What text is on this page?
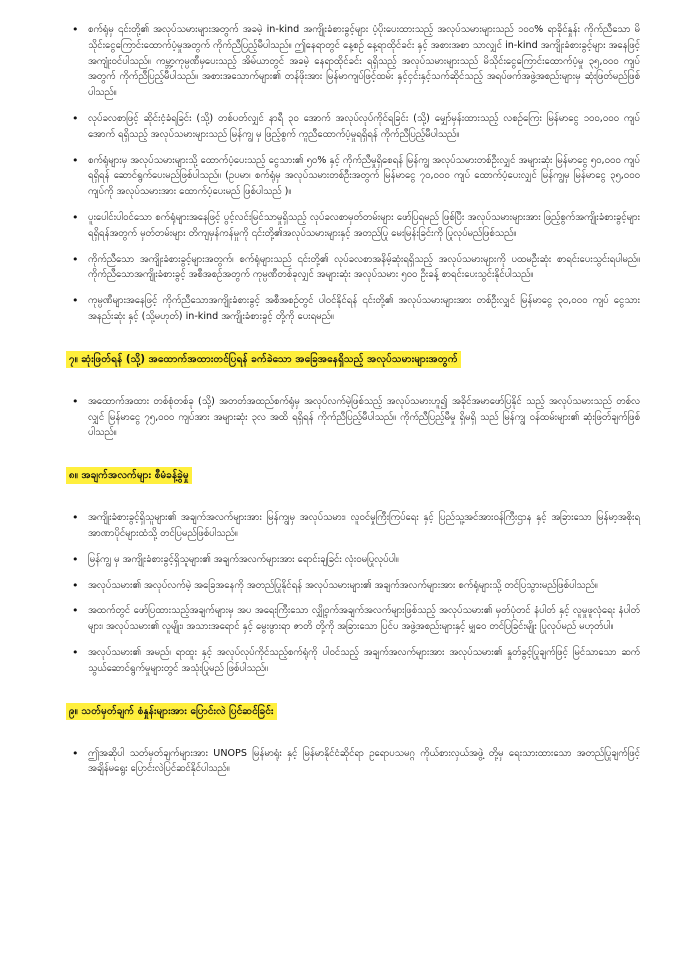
• စက်ရုံမှ ၎င်းတို့၏ အလုပ်သမားများအတွက် အခမဲ့ in-kind အကျိုးခံစားခွင့်များ ပံ့ပိုးပေးထားသည့် အလုပ်သမားများသည် ၁၀၀% ရာခိုင်နှုန်း ကိုက်ညီသော မိသိုင်းငွေကြောင်းထောက်ပံ့မှုအတွက် ကိုက်ညီပြည့်မီပါသည်။ ဤနေရာတွင် နေ့စဉ် နေ့ရာထိုင်ခင်း နှင့် အစားအစာ သာလျှင် in-kind အကျိုးခံစားခွင့်များ အနေဖြင့် အကျုံးဝင်ပါသည်။ ကမ္ဘာ့ကုမ္ပဏီမှပေးသည့် အိမ်ယာတွင် အခမဲ့ နေရာထိုင်ခင်း ရရှိသည့် အလုပ်သမားများသည် မိသိုင်းငွေကြောင်းထောက်ပံ့မှု ၃၅,၀၀၀ ကျပ်အတွက် ကိုက်ညီပြည့်မီပါသည်။ အစားအသောက်များ၏ တန်ဖိုးအား မြန်မာကျပ်ဖြင့်ထမ်း နှင့်ငှင်းနှင့်သက်ဆိုင်သည့် အရပ်ဖက်အဖွဲ့အစည်းများမှ ဆုံးဖြတ်မည်ဖြစ်ပါသည်။
• လုပ်ခလစာဖြင့် ဆိုင်းငံ့ခံရခြင်း (သို့) တစ်ပတ်လျှင် နာရီ ၃၀ အောက် အလုပ်လုပ်ကိုင်ရခြင်း (သို့) မျှော်မှန်းထားသည့် လစဉ်ကြေး မြန်မာငွေ ၁၀၀,၀၀၀ ကျပ် အောက် ရရှိသည့် အလုပ်သမားများသည် မြန်ကျွ မှ ဖြည့်စွက် ကူညီထောက်ပံ့မှုရရှိရန် ကိုက်ညီပြည့်မီပါသည်။
• စက်ရုံများမှ အလုပ်သမားများသို့ ထောက်ပံ့ပေးသည့် ငွေသား၏ ၅၀% နှင့် ကိုက်ညီမှုရှိစေရန် မြန်ကျွ အလုပ်သမားတစ်ဦးလျှင် အများဆုံး မြန်မာငွေ ၅၀,၀၀၀ ကျပ် ရရှိရန် ဆောင်ရွက်ပေးမည်ဖြစ်ပါသည်။ (ဥပမာ၊ စက်ရုံမှ အလုပ်သမားတစ်ဦးအတွက် မြန်မာငွေ ၇၀,၀၀၀ ကျပ် ထောက်ပံ့ပေးလျှင် မြန်ကျွမှ မြန်မာငွေ ၃၅,၀၀၀ ကျပ်ကို အလုပ်သမားအား ထောက်ပံ့ပေးမည် ဖြစ်ပါသည် )။
• ပူးပေါင်းပါဝင်သော စက်ရုံများအနေဖြင့် ပွင့်လင်းမြင်သာမှုရှိသည့် လုပ်ခလစာမှတ်တမ်းများ ဖော်ပြရမည် ဖြစ်ပြီး အလုပ်သမားများအား ဖြည့်စွက်အကျိုးခံစားခွင့်များရရှိရန်အတွက် မှတ်တမ်းများ တိကျမှန်ကန်မှုကို ၎င်းတို့၏အလုပ်သမားများနှင့် အတည်ပြု မေးမြန်းခြင်းကို ပြုလုပ်မည်ဖြစ်သည်။
• ကိုက်ညီသော အကျိုးခံစားခွင့်များအတွက်၊ စက်ရုံများသည် ၎င်းတို့၏ လုပ်ခလစာအနိမ့်ဆုံးရရှိသည့် အလုပ်သမားများကို ပထမဦးဆုံး စာရင်းပေးသွင်းရပါမည်။ ကိုက်ညီသောအကျိုးခံစားခွင့် အစီအစဉ်အတွက် ကုမ္ပဏီတစ်ခုလျှင် အများဆုံး အလုပ်သမား ၅၀၀ ဦးခန့် စာရင်းပေးသွင်းနိုင်ပါသည်။
• ကုမ္ပဏီများအနေဖြင့် ကိုက်ညီသောအကျိုးခံစားခွင့် အစီအစဉ်တွင် ပါဝင်နိုင်ရန် ၎င်းတို့၏ အလုပ်သမားများအား တစ်ဦးလျှင် မြန်မာငွေ ၃၀,၀၀၀ ကျပ် ငွေသား အနည်းဆုံး နှင့် (သို့မဟုတ်) in-kind အကျိုးခံစားခွင့် တို့ကို ပေးရမည်။
၇။ ဆုံးဖြတ်ရန် (သို့) အထောက်အထားတင်ပြရန် ခက်ခဲသော အခြေအနေရှိသည့် အလုပ်သမားများအတွက်
• အထောက်အထား တစ်စုံတစ်ခု (သို့) အတတ်အထည်စက်ရုံမှ အလုပ်လက်မဲ့ဖြစ်သည့် အလုပ်သမားဟူ၍ အခိုင်အမာဖော်ပြနိုင် သည့် အလုပ်သမားသည် တစ်လလျှင် မြန်မာငွေ ၇၅,၀၀၀ ကျပ်အား အများဆုံး ၃လ အထိ ရရှိရန် ကိုက်ညီပြည့်မီပါသည်။ ကိုက်ညီပြည့်မီမှု ရှိမရှိ သည် မြန်ကျွ ဝန်ထမ်းများ၏ ဆုံးဖြတ်ချက်ဖြစ်ပါသည်။
၈။ အချက်အလက်များ စီမံခန့်ခွဲမှု
• အကျိုးခံစားခွင့်ရှိသူများ၏ အချက်အလက်များအား မြန်ကျွမှ အလုပ်သမား၊ လူဝင်မှုကြီးကြပ်ရေး နှင့် ပြည်သူ့အင်အားဝန်ကြီးဌာန နှင့် အခြားသော မြန်မာ့အစိုးရ အာဏာပိုင်များထံသို့ တင်ပြမည်ဖြစ်ပါသည်။
• မြန်ကျွ မှ အကျိုးခံစားခွင့်ရှိသူများ၏ အချက်အလက်များအား ရောင်းချခြင်း လုံးဝမပြုလုပ်ပါ။
• အလုပ်သမား၏ အလုပ်လက်မဲ့ အခြေအနေကို အတည်ပြုနိုင်ရန် အလုပ်သမားများ၏ အချက်အလက်များအား စက်ရုံများသို့ တင်ပြသွားမည်ဖြစ်ပါသည်။
• အထက်တွင် ဖော်ပြထားသည့်အချက်များမှ အပ အရေးကြီးသော လျှို့ဝှက်အချက်အလက်များဖြစ်သည့် အလုပ်သမား၏ မှတ်ပုံတင် နံပါတ် နှင့် လူမှုဖူလုံရေး နံပါတ်များ၊ အလုပ်သမား၏ လူမျိုး၊ အသားအရောင် နှင့် မွေးဖွားရာ ဇာတိ တို့ကို အခြားသော ပြင်ပ အဖွဲ့အစည်းများနှင့် မျှဝေ တင်ပြခြင်းမျိုး ပြုလုပ်မည် မဟုတ်ပါ။
• အလုပ်သမား၏ အမည်၊ ရာထူး နှင့် အလုပ်လုပ်ကိုင်သည့်စက်ရုံကို ပါဝင်သည့် အချက်အလက်များအား အလုပ်သမား၏ နှုတ်ခွင့်ပြုချက်ဖြင့် မြင်သာသော ဆက်သွယ်ဆောင်ရွက်မှုများတွင် အသုံးပြုမည် ဖြစ်ပါသည်။
၉။ သတ်မှတ်ချက် စံနှုန်းများအား ပြောင်းလဲ ပြင်ဆင်ခြင်း
• ဤအဆိုပါ သတ်မှတ်ချက်များအား UNOPS မြန်မာရုံး နှင့် မြန်မာနိုင်ငံဆိုင်ရာ ဥရောပသမဂ္ဂ ကိုယ်စားလှယ်အဖွဲ့ တို့မှ ရေးသားထားသော အတည်ပြုချက်ဖြင့် အချိန်မရွေး ပြောင်းလဲပြင်ဆင်နိုင်ပါသည်။
